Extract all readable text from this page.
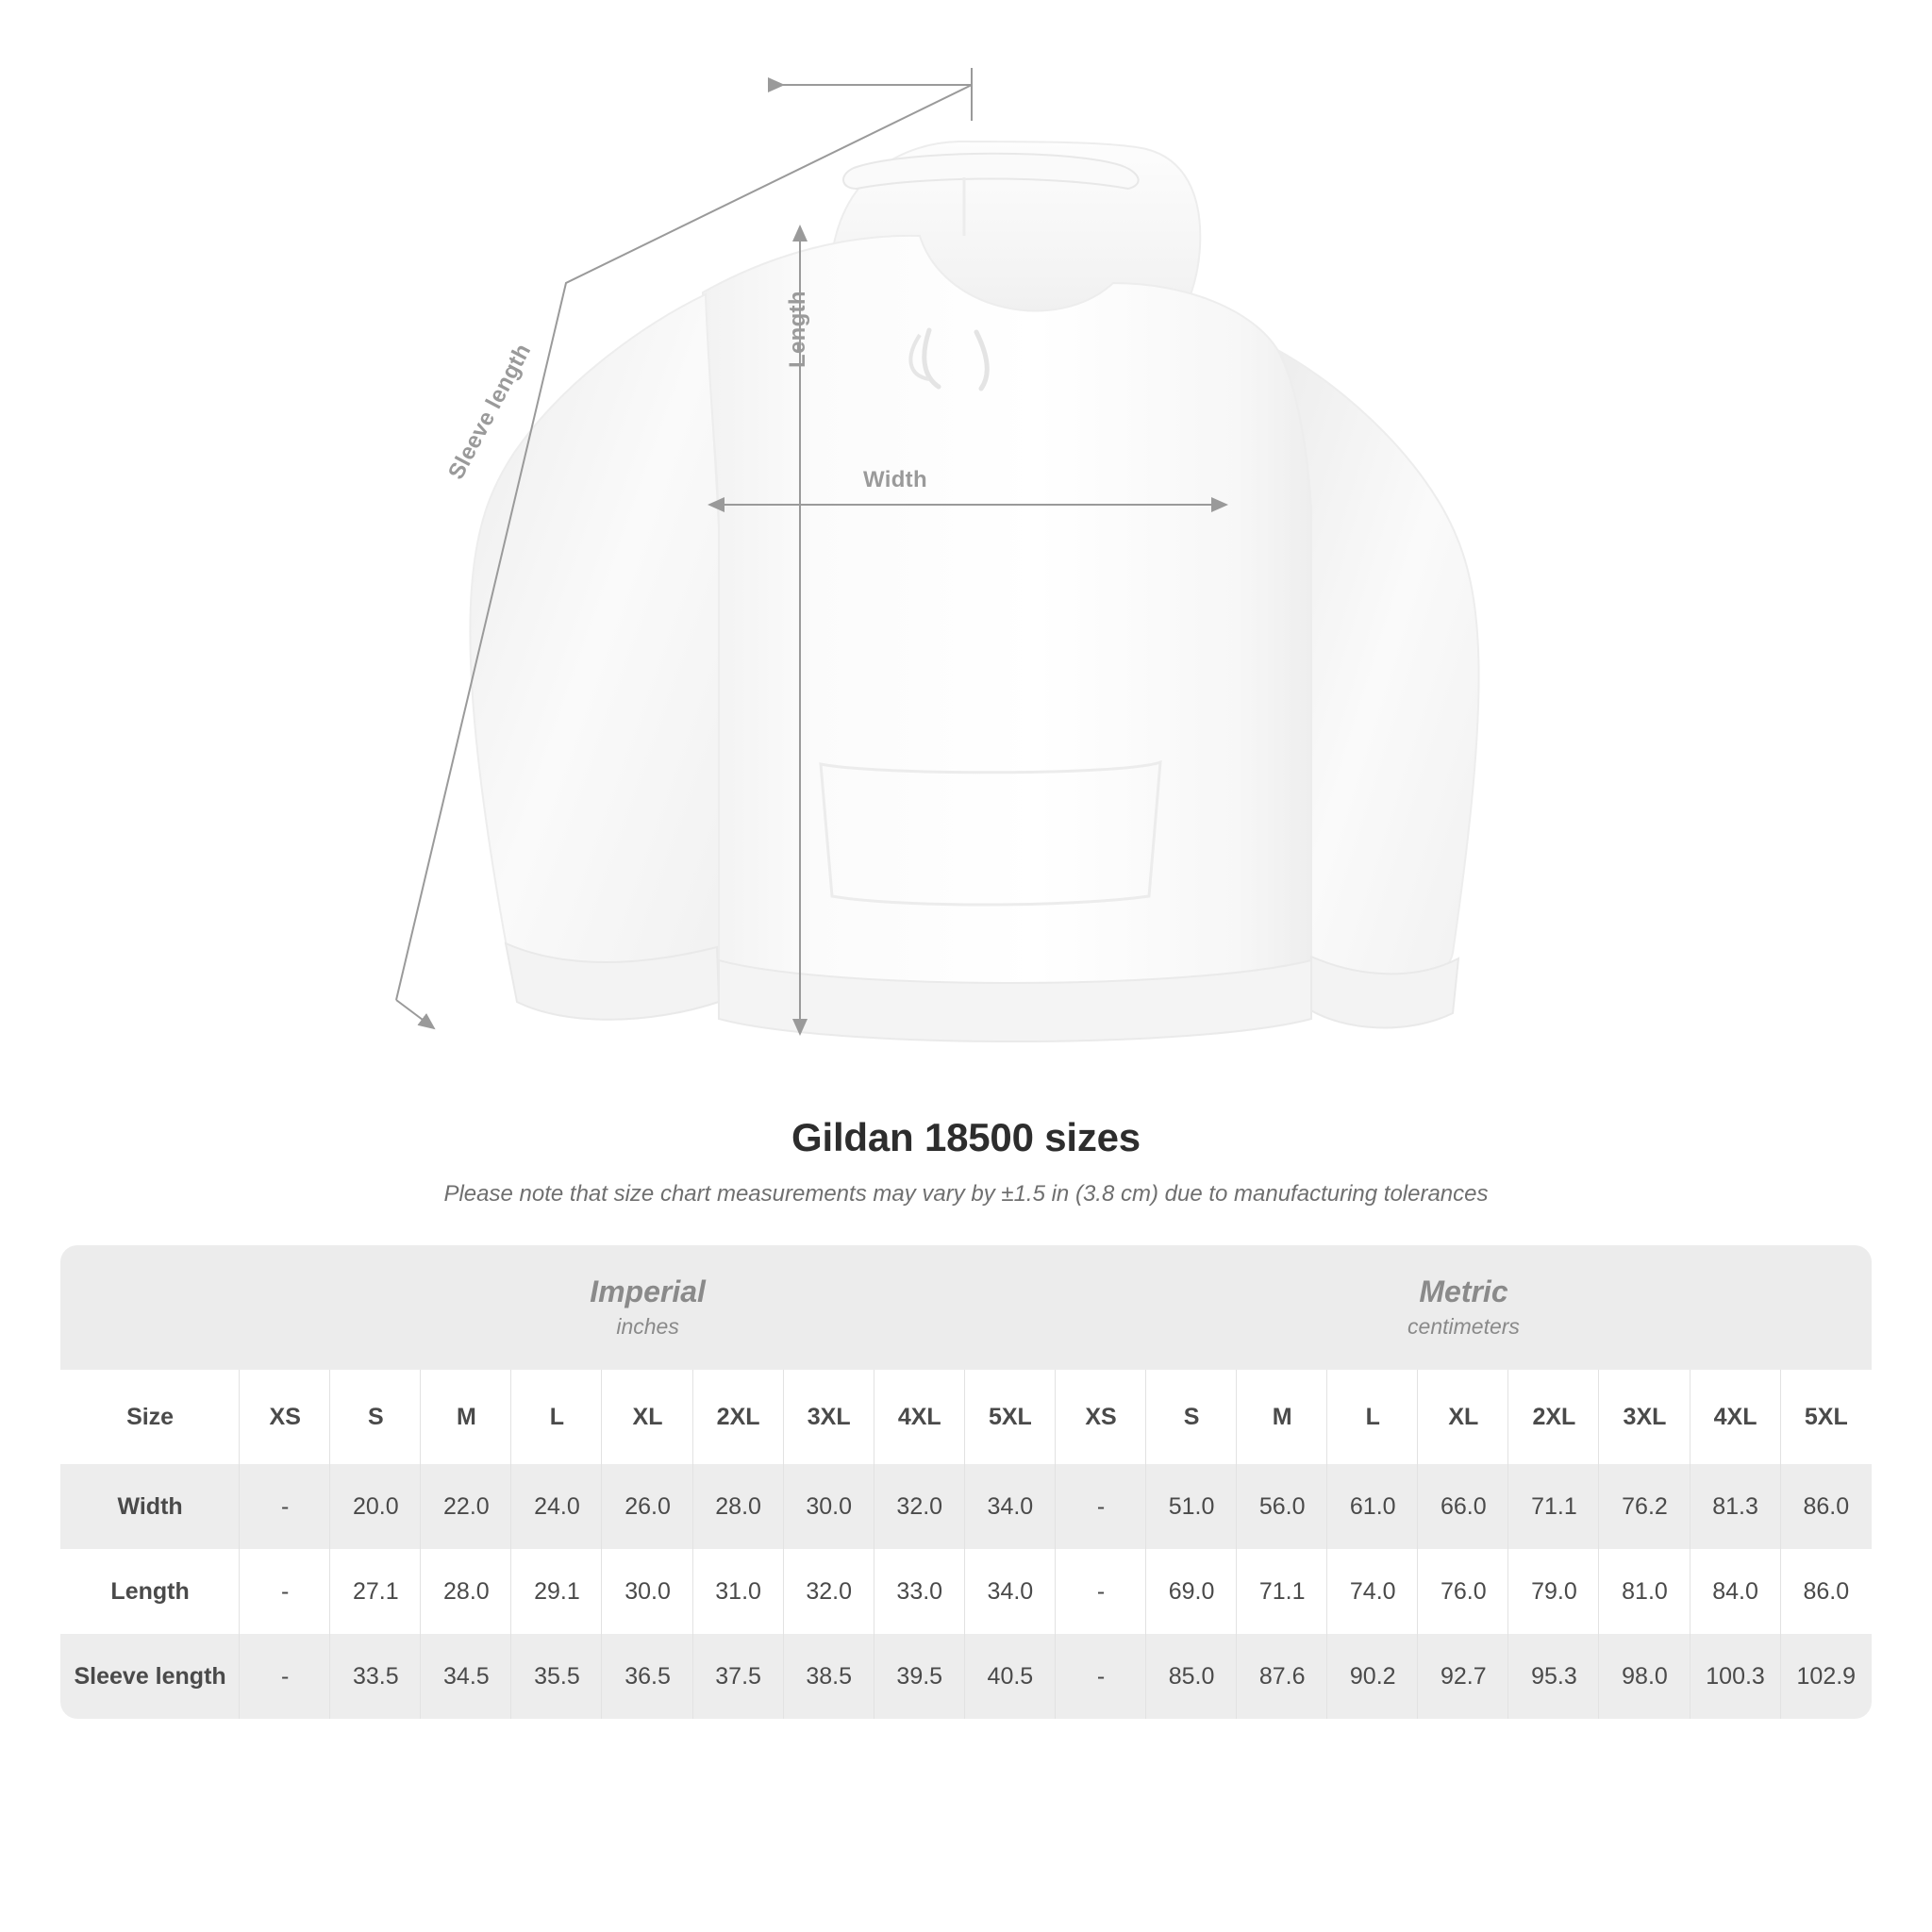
Width
Length
Sleeve length
Gildan 18500 sizes
Please note that size chart measurements may vary by ±1.5 in (3.8 cm) due to manufacturing tolerances

Imperial
inches

Metric
centimeters

Size	XS	S	M	L	XL	2XL	3XL	4XL	5XL	XS	S	M	L	XL	2XL	3XL	4XL	5XL
Width	-	20.0	22.0	24.0	26.0	28.0	30.0	32.0	34.0	-	51.0	56.0	61.0	66.0	71.1	76.2	81.3	86.0
Length	-	27.1	28.0	29.1	30.0	31.0	32.0	33.0	34.0	-	69.0	71.1	74.0	76.0	79.0	81.0	84.0	86.0
Sleeve length	-	33.5	34.5	35.5	36.5	37.5	38.5	39.5	40.5	-	85.0	87.6	90.2	92.7	95.3	98.0	100.3	102.9
